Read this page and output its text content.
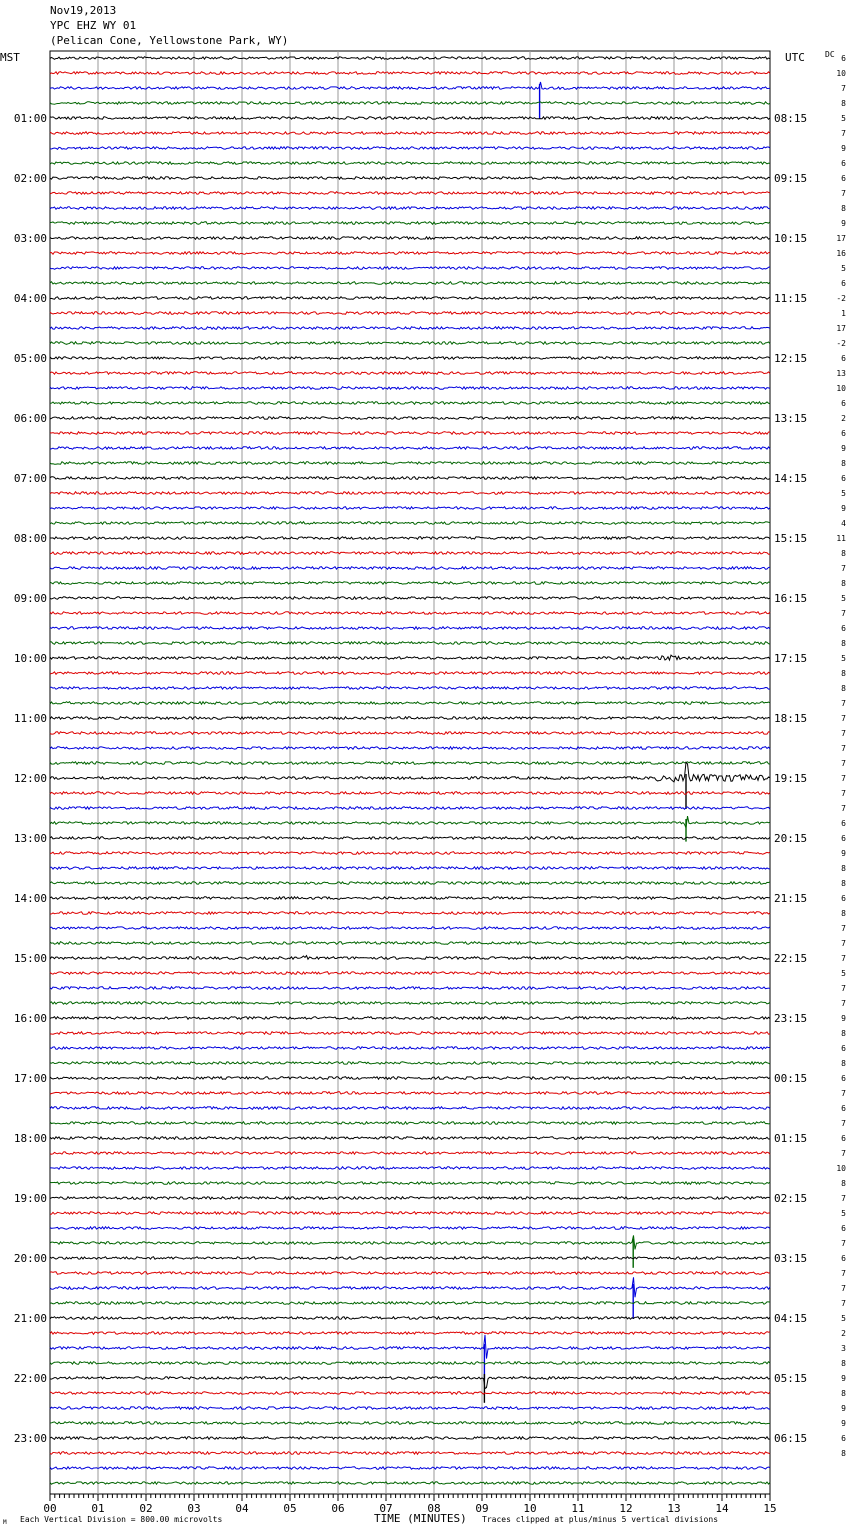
Nov19,2013
YPC EHZ WY 01
(Pelican Cone, Yellowstone Park, WY)
6
10
7
8
5
7
9
6
6
7
8
9
17
16
5
6
-2
1
17
-2
6
13
10
6
2
6
9
8
6
5
9
4
11
8
7
8
5
7
6
8
5
8
8
7
7
7
7
7
7
7
7
6
6
9
8
8
6
8
7
7
7
5
7
7
9
8
6
8
6
7
6
7
6
7
10
8
7
5
6
7
6
7
7
7
5
2
3
8
9
8
9
9
6
8
01:00
02:00
03:00
04:00
05:00
06:00
07:00
08:00
09:00
10:00
11:00
12:00
13:00
14:00
15:00
16:00
17:00
18:00
19:00
20:00
21:00
22:00
23:00
08:15
09:15
10:15
11:15
12:15
13:15
14:15
15:15
16:15
17:15
18:15
19:15
20:15
21:15
22:15
23:15
00:15
01:15
02:15
03:15
04:15
05:15
06:15
MST	UTC	DC
00	01	02	03	04	05	06	07	08	09	10	11	12	13	14	15
M Each Vertical Division = 800.00 microvolts	TIME (MINUTES) Traces clipped at plus/minus 5 vertical divisions
